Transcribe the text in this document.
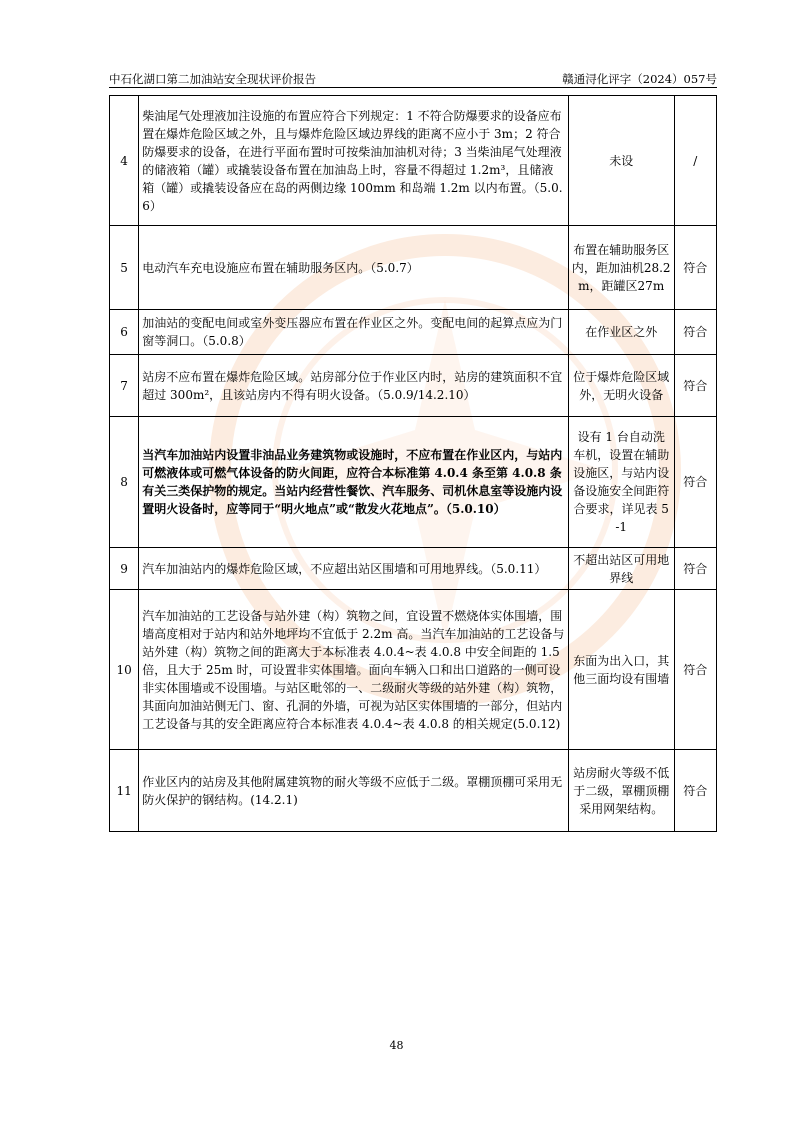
中石化湖口第二加油站安全现状评价报告	赣通浔化评字（2024）057号
4	柴油尾气处理液加注设施的布置应符合下列规定：1 不符合防爆要求的设备应布置在爆炸危险区域之外，且与爆炸危险区域边界线的距离不应小于 3m；2 符合防爆要求的设备，在进行平面布置时可按柴油加油机对待；3 当柴油尾气处理液的储液箱（罐）或撬装设备布置在加油岛上时，容量不得超过 1.2m³，且储液箱（罐）或撬装设备应在岛的两侧边缘 100mm 和岛端 1.2m 以内布置。（5.0.6）	未设	/
5	电动汽车充电设施应布置在辅助服务区内。（5.0.7）	布置在辅助服务区内，距加油机28.2m，距罐区27m	符合
6	加油站的变配电间或室外变压器应布置在作业区之外。变配电间的起算点应为门窗等洞口。（5.0.8）	在作业区之外	符合
7	站房不应布置在爆炸危险区域。站房部分位于作业区内时，站房的建筑面积不宜超过 300m²，且该站房内不得有明火设备。（5.0.9/14.2.10）	位于爆炸危险区域外，无明火设备	符合
8	当汽车加油站内设置非油品业务建筑物或设施时，不应布置在作业区内，与站内可燃液体或可燃气体设备的防火间距，应符合本标准第 4.0.4 条至第 4.0.8 条有关三类保护物的规定。当站内经营性餐饮、汽车服务、司机休息室等设施内设置明火设备时，应等同于“明火地点”或“散发火花地点”。（5.0.10）	设有 1 台自动洗车机，设置在辅助设施区，与站内设备设施安全间距符合要求，详见表 5-1	符合
9	汽车加油站内的爆炸危险区域，不应超出站区围墙和可用地界线。（5.0.11）	不超出站区可用地界线	符合
10	汽车加油站的工艺设备与站外建（构）筑物之间，宜设置不燃烧体实体围墙，围墙高度相对于站内和站外地坪均不宜低于 2.2m 高。当汽车加油站的工艺设备与站外建（构）筑物之间的距离大于本标准表 4.0.4~表 4.0.8 中安全间距的 1.5 倍，且大于 25m 时，可设置非实体围墙。面向车辆入口和出口道路的一侧可设非实体围墙或不设围墙。与站区毗邻的一、二级耐火等级的站外建（构）筑物，其面向加油站侧无门、窗、孔洞的外墙，可视为站区实体围墙的一部分，但站内工艺设备与其的安全距离应符合本标准表 4.0.4~表 4.0.8 的相关规定(5.0.12)	东面为出入口，其他三面均设有围墙	符合
11	作业区内的站房及其他附属建筑物的耐火等级不应低于二级。罩棚顶棚可采用无防火保护的钢结构。(14.2.1)	站房耐火等级不低于二级，罩棚顶棚采用网架结构。	符合
48
